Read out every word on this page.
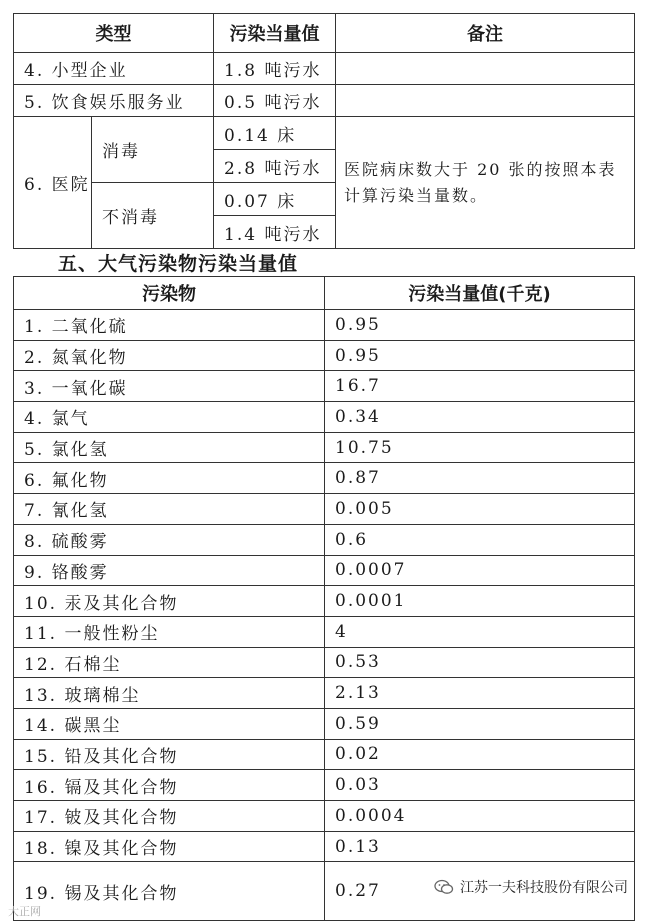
类型		污染当量值	备注
4. 小型企业		1.8 吨污水	
5. 饮食娱乐服务业		0.5 吨污水	
6. 医院	消毒	0.14 床	医院病床数大于 20 张的按照本表计算污染当量数。
		2.8 吨污水	
	不消毒	0.07 床	
		1.4 吨污水	
五、大气污染物污染当量值
污染物	污染当量值(千克)
1. 二氧化硫	0.95
2. 氮氧化物	0.95
3. 一氧化碳	16.7
4. 氯气	0.34
5. 氯化氢	10.75
6. 氟化物	0.87
7. 氰化氢	0.005
8. 硫酸雾	0.6
9. 铬酸雾	0.0007
10. 汞及其化合物	0.0001
11. 一般性粉尘	4
12. 石棉尘	0.53
13. 玻璃棉尘	2.13
14. 碳黑尘	0.59
15. 铅及其化合物	0.02
16. 镉及其化合物	0.03
17. 铍及其化合物	0.0004
18. 镍及其化合物	0.13
19. 锡及其化合物	0.27	江苏一夫科技股份有限公司
大正网
